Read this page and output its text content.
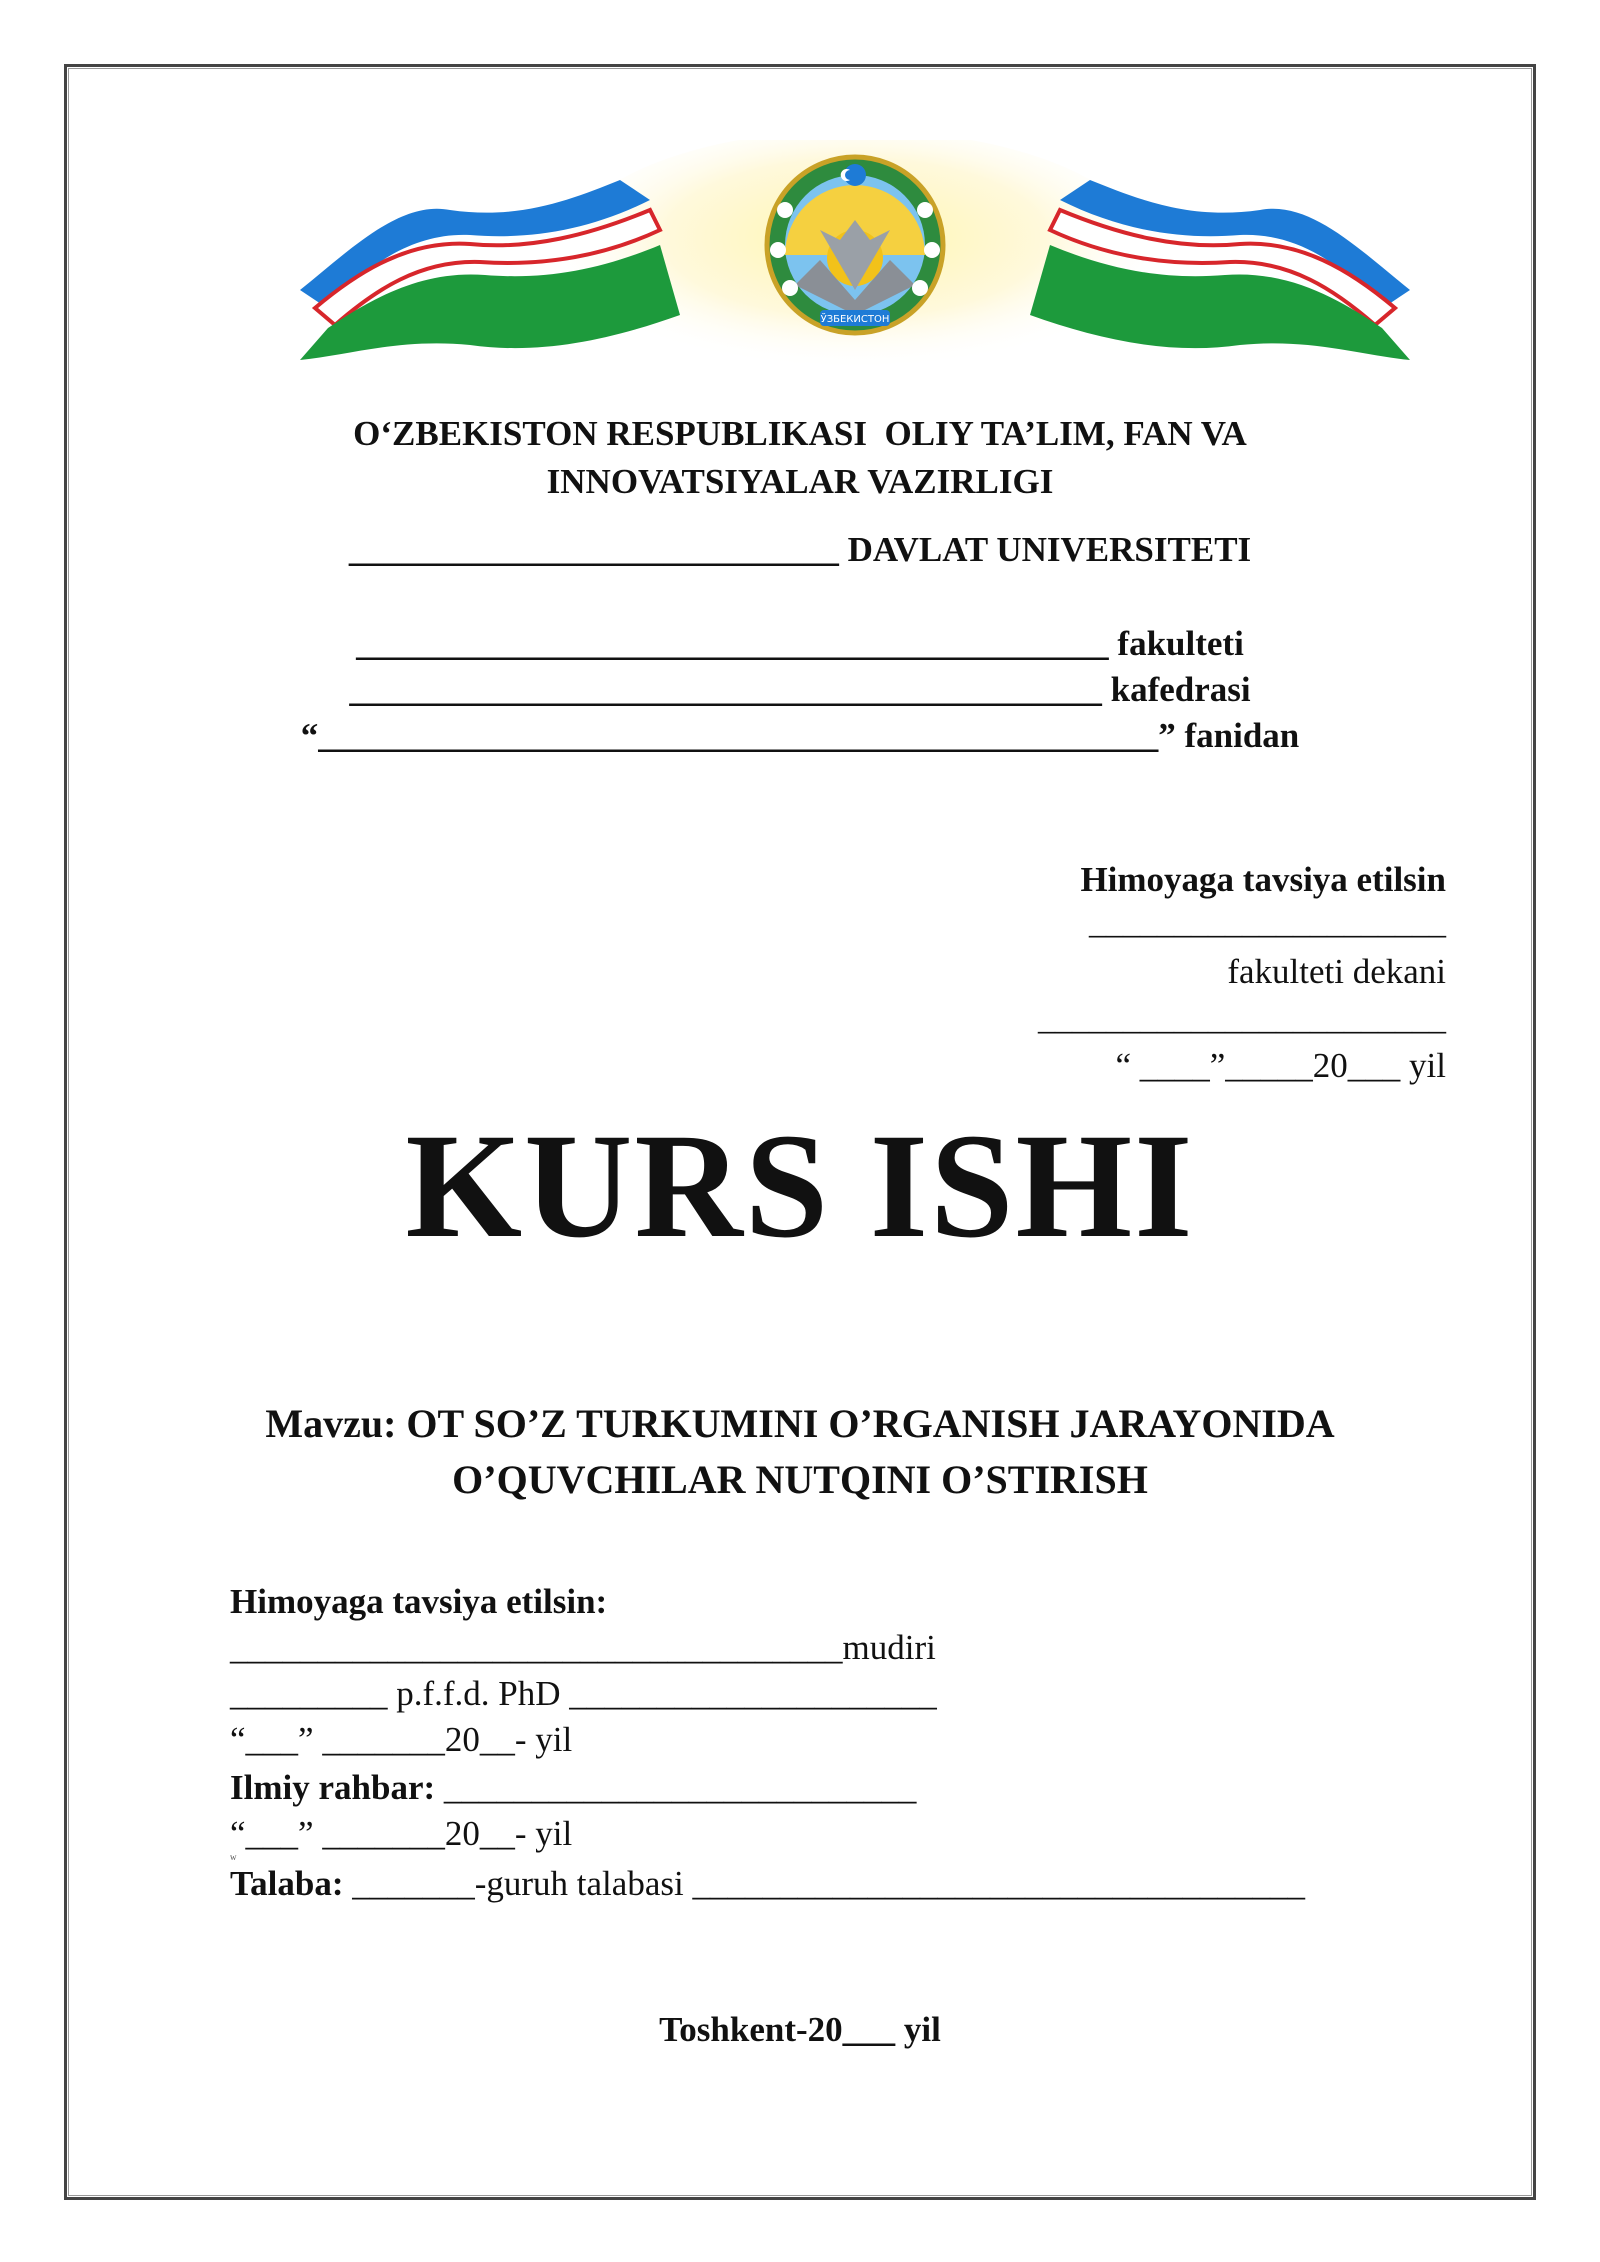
ЎЗБЕКИСТОН
O‘ZBEKISTON RESPUBLIKASI  OLIY TA’LIM, FAN VA
INNOVATSIYALAR VAZIRLIGI
____________________________ DAVLAT UNIVERSITETI
___________________________________________ fakulteti
___________________________________________ kafedrasi
“________________________________________________” fanidan
Himoyaga tavsiya etilsin
_____________________
fakulteti dekani
________________________
“ ____”_____20___ yil
KURS ISHI
Mavzu: OT SO’Z TURKUMINI O’RGANISH JARAYONIDA
O’QUVCHILAR NUTQINI O’STIRISH
Himoyaga tavsiya etilsin:
___________________________________mudiri
_________ p.f.f.d. PhD _____________________
“___” _______20__- yil
Ilmiy rahbar: ___________________________
“___” _______20__- yil
w
Talaba: _______-guruh talabasi ___________________________________
Toshkent-20___ yil
